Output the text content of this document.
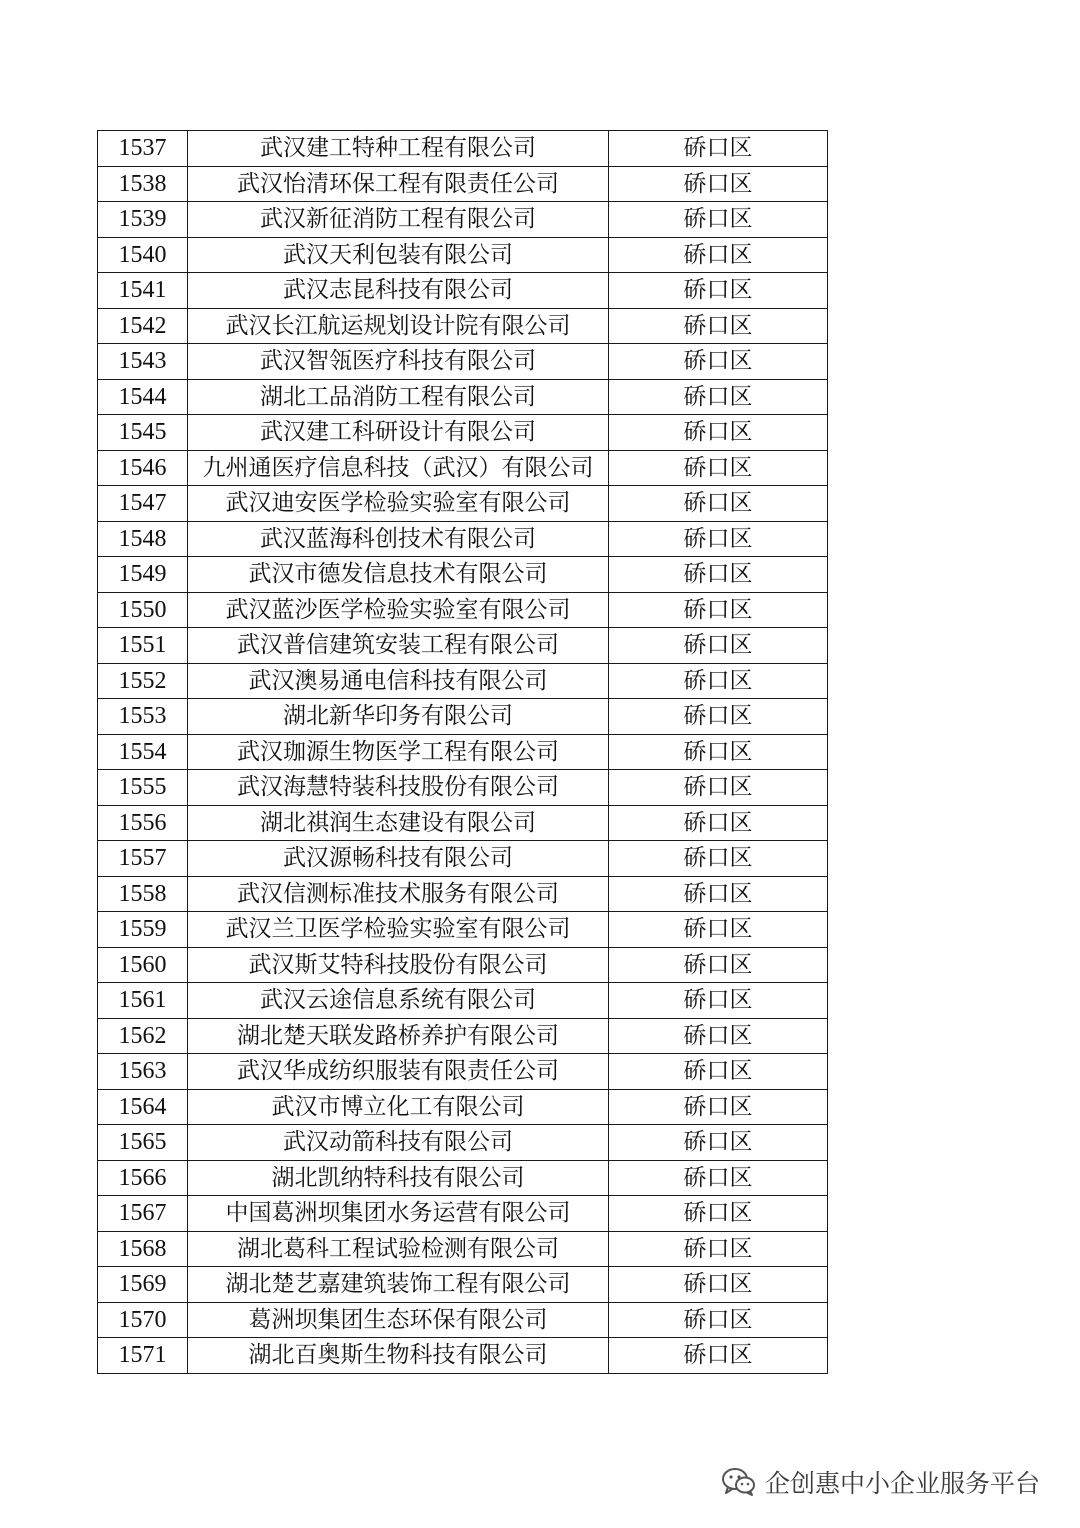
1537	武汉建工特种工程有限公司	硚口区
1538	武汉怡清环保工程有限责任公司	硚口区
1539	武汉新征消防工程有限公司	硚口区
1540	武汉天利包装有限公司	硚口区
1541	武汉志昆科技有限公司	硚口区
1542	武汉长江航运规划设计院有限公司	硚口区
1543	武汉智瓴医疗科技有限公司	硚口区
1544	湖北工品消防工程有限公司	硚口区
1545	武汉建工科研设计有限公司	硚口区
1546	九州通医疗信息科技（武汉）有限公司	硚口区
1547	武汉迪安医学检验实验室有限公司	硚口区
1548	武汉蓝海科创技术有限公司	硚口区
1549	武汉市德发信息技术有限公司	硚口区
1550	武汉蓝沙医学检验实验室有限公司	硚口区
1551	武汉普信建筑安装工程有限公司	硚口区
1552	武汉澳易通电信科技有限公司	硚口区
1553	湖北新华印务有限公司	硚口区
1554	武汉珈源生物医学工程有限公司	硚口区
1555	武汉海慧特装科技股份有限公司	硚口区
1556	湖北祺润生态建设有限公司	硚口区
1557	武汉源畅科技有限公司	硚口区
1558	武汉信测标准技术服务有限公司	硚口区
1559	武汉兰卫医学检验实验室有限公司	硚口区
1560	武汉斯艾特科技股份有限公司	硚口区
1561	武汉云途信息系统有限公司	硚口区
1562	湖北楚天联发路桥养护有限公司	硚口区
1563	武汉华成纺织服装有限责任公司	硚口区
1564	武汉市博立化工有限公司	硚口区
1565	武汉动箭科技有限公司	硚口区
1566	湖北凯纳特科技有限公司	硚口区
1567	中国葛洲坝集团水务运营有限公司	硚口区
1568	湖北葛科工程试验检测有限公司	硚口区
1569	湖北楚艺嘉建筑装饰工程有限公司	硚口区
1570	葛洲坝集团生态环保有限公司	硚口区
1571	湖北百奥斯生物科技有限公司	硚口区
企创惠中小企业服务平台
